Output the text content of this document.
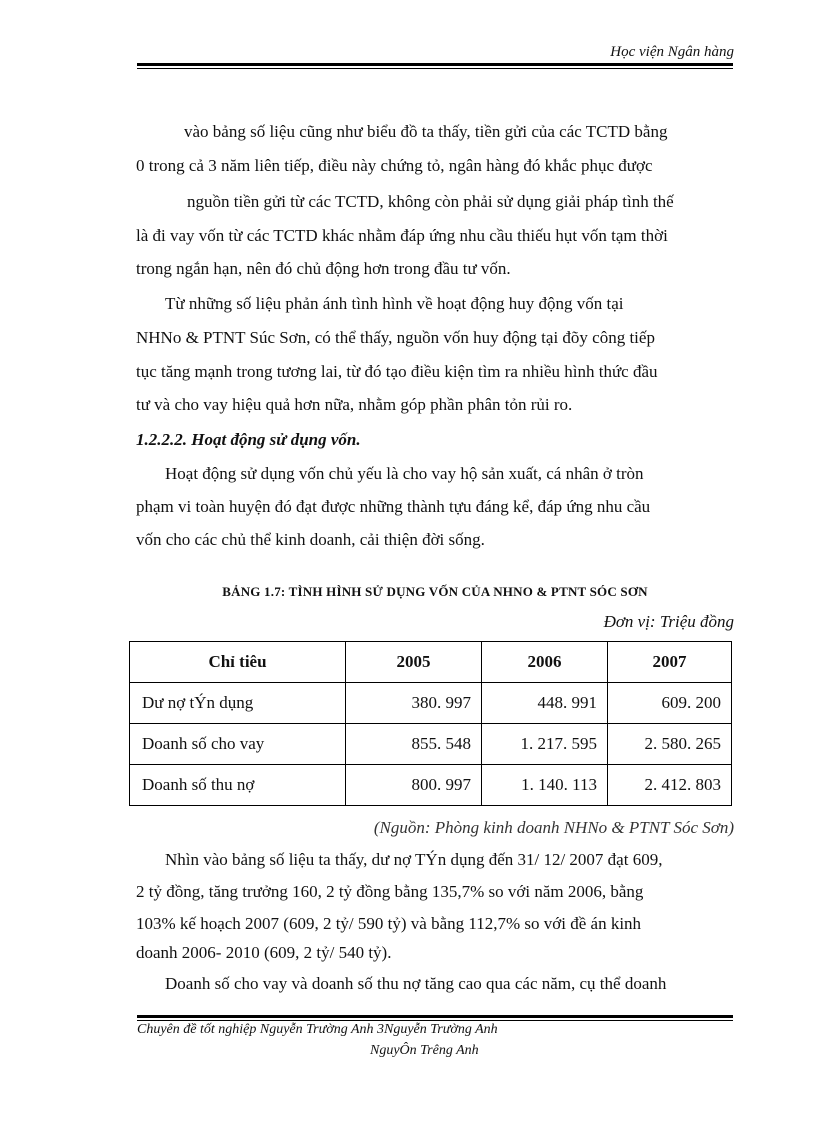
Học viện Ngân hàng
vào bảng số liệu cũng như biểu đồ ta thấy, tiền gửi của các TCTD bằng
0 trong cả 3 năm liên tiếp, điều này chứng tỏ, ngân hàng đó khắc phục được
nguồn tiền gửi từ các TCTD, không còn phải sử dụng giải pháp tình thế
là đi vay vốn từ các TCTD khác nhằm đáp ứng nhu cầu thiếu hụt vốn tạm thời
trong ngắn hạn, nên đó chủ động hơn trong đầu tư vốn.
Từ những số liệu phản ánh tình hình về hoạt động huy động vốn tại
NHNo & PTNT Súc Sơn, có thể thấy, nguồn vốn huy động tại đõy công tiếp
tục tăng mạnh trong tương lai, từ đó tạo điều kiện tìm ra nhiều hình thức đầu
tư và cho vay hiệu quả hơn nữa, nhằm góp phần phân tỏn rủi ro.
1.2.2.2. Hoạt động sử dụng vốn.
Hoạt động sử dụng vốn chủ yếu là cho vay hộ sản xuất, cá nhân ở tròn
phạm vi toàn huyện đó đạt được những thành tựu đáng kể, đáp ứng nhu cầu
vốn cho các chủ thể kinh doanh, cải thiện đời sống.
BẢNG 1.7: TÌNH HÌNH SỬ DỤNG VỐN CỦA NHNO & PTNT SÓC SƠN
Đơn vị: Triệu đồng
Chỉ tiêu	2005	2006	2007
Dư nợ tÝn dụng	380. 997	448. 991	609. 200
Doanh số cho vay	855. 548	1. 217. 595	2. 580. 265
Doanh số thu nợ	800. 997	1. 140. 113	2. 412. 803
(Nguồn: Phòng kinh doanh NHNo & PTNT Sóc Sơn)
Nhìn vào bảng số liệu ta thấy, dư nợ TÝn dụng đến 31/ 12/ 2007 đạt 609,
2 tỷ đồng, tăng trưởng 160, 2 tỷ đồng bằng 135,7% so với năm 2006, bằng
103% kế hoạch 2007 (609, 2 tỷ/ 590 tỷ) và bằng 112,7% so với đề án kinh
doanh 2006- 2010 (609, 2 tỷ/ 540 tỷ).
Doanh số cho vay và doanh số thu nợ tăng cao qua các năm, cụ thể doanh
Chuyên đề tốt nghiệp Nguyễn Trường Anh 3Nguyễn Trường Anh
NguyÔn Trêng Anh
